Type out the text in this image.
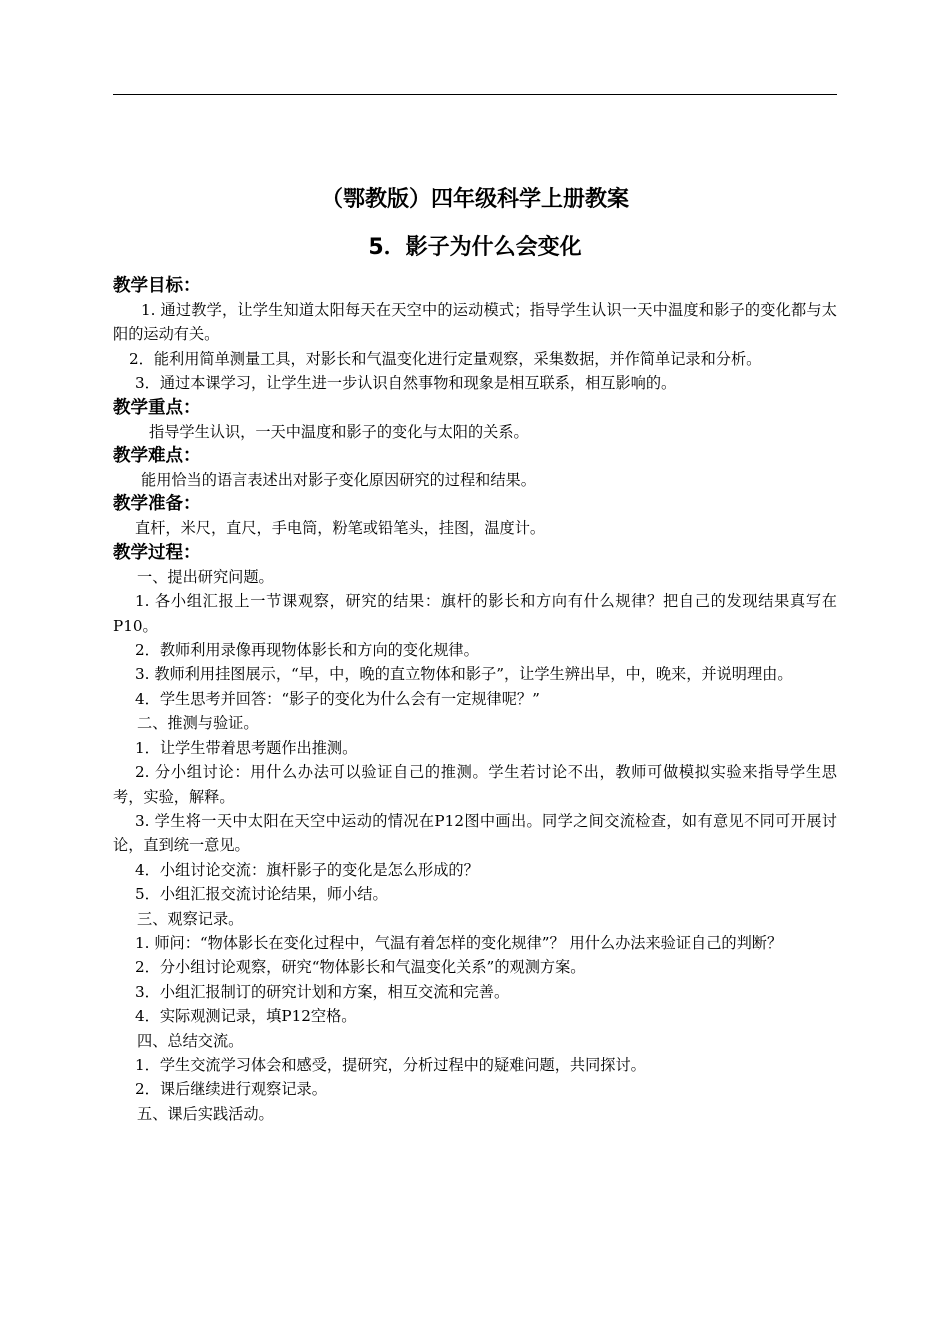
（鄂教版）四年级科学上册教案
5．影子为什么会变化
教学目标：

1. 通过教学，让学生知道太阳每天在天空中的运动模式；指导学生认识一天中温度和影子的变化都与太阳的运动有关。

2．能利用简单测量工具，对影长和气温变化进行定量观察，采集数据，并作简单记录和分析。

3．通过本课学习，让学生进一步认识自然事物和现象是相互联系，相互影响的。

教学重点：

指导学生认识，一天中温度和影子的变化与太阳的关系。

教学难点：

能用恰当的语言表述出对影子变化原因研究的过程和结果。

教学准备：

直杆，米尺，直尺，手电筒，粉笔或铅笔头，挂图，温度计。

教学过程：

一、提出研究问题。

1. 各小组汇报上一节课观察，研究的结果：旗杆的影长和方向有什么规律？把自己的发现结果真写在P10。

2．教师利用录像再现物体影长和方向的变化规律。

3. 教师利用挂图展示，“早，中，晚的直立物体和影子”，让学生辨出早，中，晚来，并说明理由。

4．学生思考并回答：“影子的变化为什么会有一定规律呢？”

二、推测与验证。

1．让学生带着思考题作出推测。

2. 分小组讨论：用什么办法可以验证自己的推测。学生若讨论不出，教师可做模拟实验来指导学生思考，实验，解释。

3. 学生将一天中太阳在天空中运动的情况在P12图中画出。同学之间交流检查，如有意见不同可开展讨论，直到统一意见。

4．小组讨论交流：旗杆影子的变化是怎么形成的？

5．小组汇报交流讨论结果，师小结。

三、观察记录。

1. 师问：“物体影长在变化过程中，气温有着怎样的变化规律”？ 用什么办法来验证自己的判断？

2．分小组讨论观察，研究“物体影长和气温变化关系”的观测方案。

3．小组汇报制订的研究计划和方案，相互交流和完善。

4．实际观测记录，填P12空格。

四、总结交流。

1．学生交流学习体会和感受，提研究，分析过程中的疑难问题，共同探讨。

2．课后继续进行观察记录。

五、课后实践活动。
